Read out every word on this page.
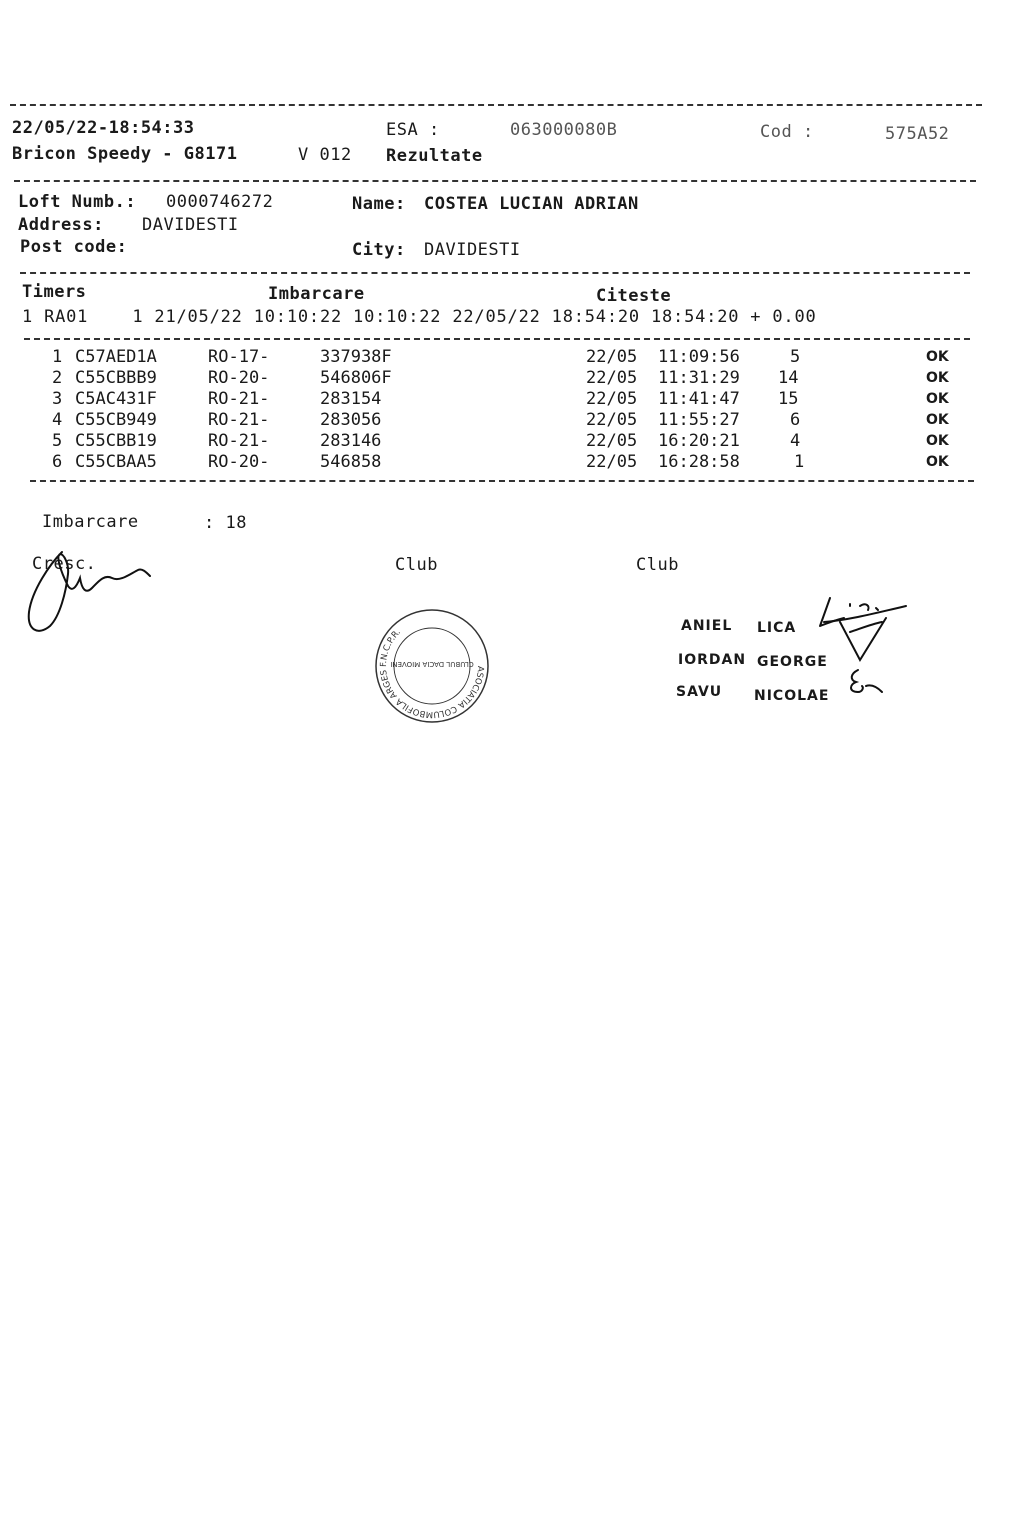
22/05/22-18:54:33	ESA :	063000080B	Cod :	575A52
Bricon Speedy - G8171	V 012 Rezultate
Loft Numb.: 0000746272	Name: COSTEA LUCIAN ADRIAN
Address: DAVIDESTI
Post code:	City: DAVIDESTI
Timers	Imbarcare	Citeste
1 RA01    1 21/05/22 10:10:22 10:10:22 22/05/22 18:54:20 18:54:20 + 0.00
1 C57AED1A	RO-17-	337938F	22/05 11:09:56	5	OK
2 C55CBBB9	RO-20-	546806F	22/05 11:31:29 14	OK
3 C5AC431F	RO-21-	283154	22/05 11:41:47 15	OK
4 C55CB949	RO-21-	283056	22/05 11:55:27	6	OK
5 C55CBB19	RO-21-	283146	22/05 16:20:21	4	OK
6 C55CBAA5	RO-20-	546858	22/05 16:28:58	1	OK
Imbarcare	: 18
Cresc.	Club	Club
ASOCIATIA COLUMBOFILA ARGES F.N.C.P.R.
CLUBUL DACIA MIOVENI
ANIEL LICA
IORDAN GEORGE
SAVU NICOLAE
